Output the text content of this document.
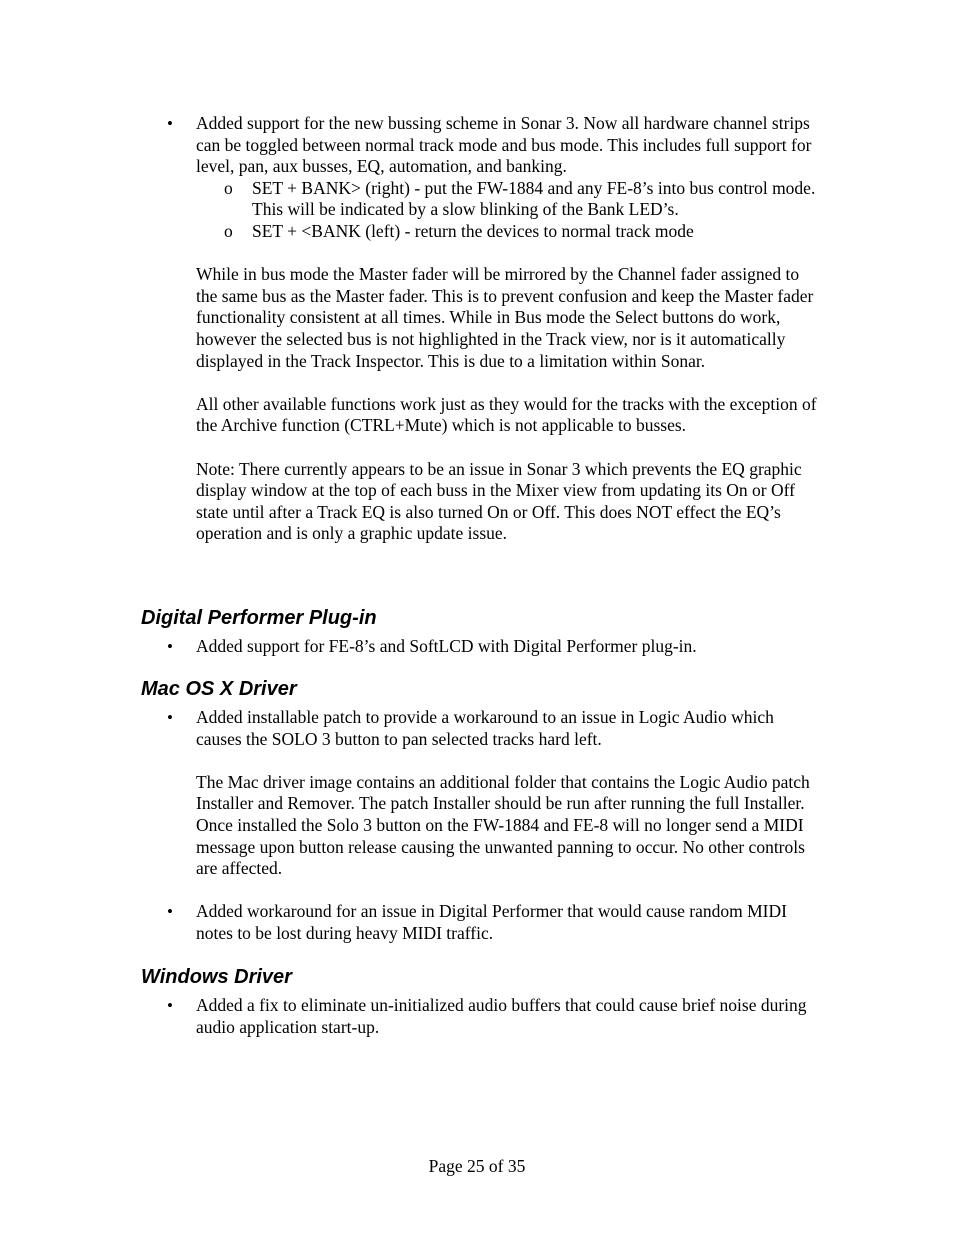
• Added support for the new bussing scheme in Sonar 3. Now all hardware channel strips can be toggled between normal track mode and bus mode. This includes full support for level, pan, aux busses, EQ, automation, and banking.
o SET + BANK> (right) - put the FW-1884 and any FE-8’s into bus control mode. This will be indicated by a slow blinking of the Bank LED’s.
o SET + <BANK (left) - return the devices to normal track mode

While in bus mode the Master fader will be mirrored by the Channel fader assigned to the same bus as the Master fader. This is to prevent confusion and keep the Master fader functionality consistent at all times. While in Bus mode the Select buttons do work, however the selected bus is not highlighted in the Track view, nor is it automatically displayed in the Track Inspector. This is due to a limitation within Sonar.

All other available functions work just as they would for the tracks with the exception of the Archive function (CTRL+Mute) which is not applicable to busses.

Note: There currently appears to be an issue in Sonar 3 which prevents the EQ graphic display window at the top of each buss in the Mixer view from updating its On or Off state until after a Track EQ is also turned On or Off. This does NOT effect the EQ’s operation and is only a graphic update issue.

Digital Performer Plug-in
• Added support for FE-8’s and SoftLCD with Digital Performer plug-in.
Mac OS X Driver
• Added installable patch to provide a workaround to an issue in Logic Audio which causes the SOLO 3 button to pan selected tracks hard left.

The Mac driver image contains an additional folder that contains the Logic Audio patch Installer and Remover. The patch Installer should be run after running the full Installer. Once installed the Solo 3 button on the FW-1884 and FE-8 will no longer send a MIDI message upon button release causing the unwanted panning to occur. No other controls are affected.

• Added workaround for an issue in Digital Performer that would cause random MIDI notes to be lost during heavy MIDI traffic.
Windows Driver
• Added a fix to eliminate un-initialized audio buffers that could cause brief noise during audio application start-up.
Page 25 of 35
